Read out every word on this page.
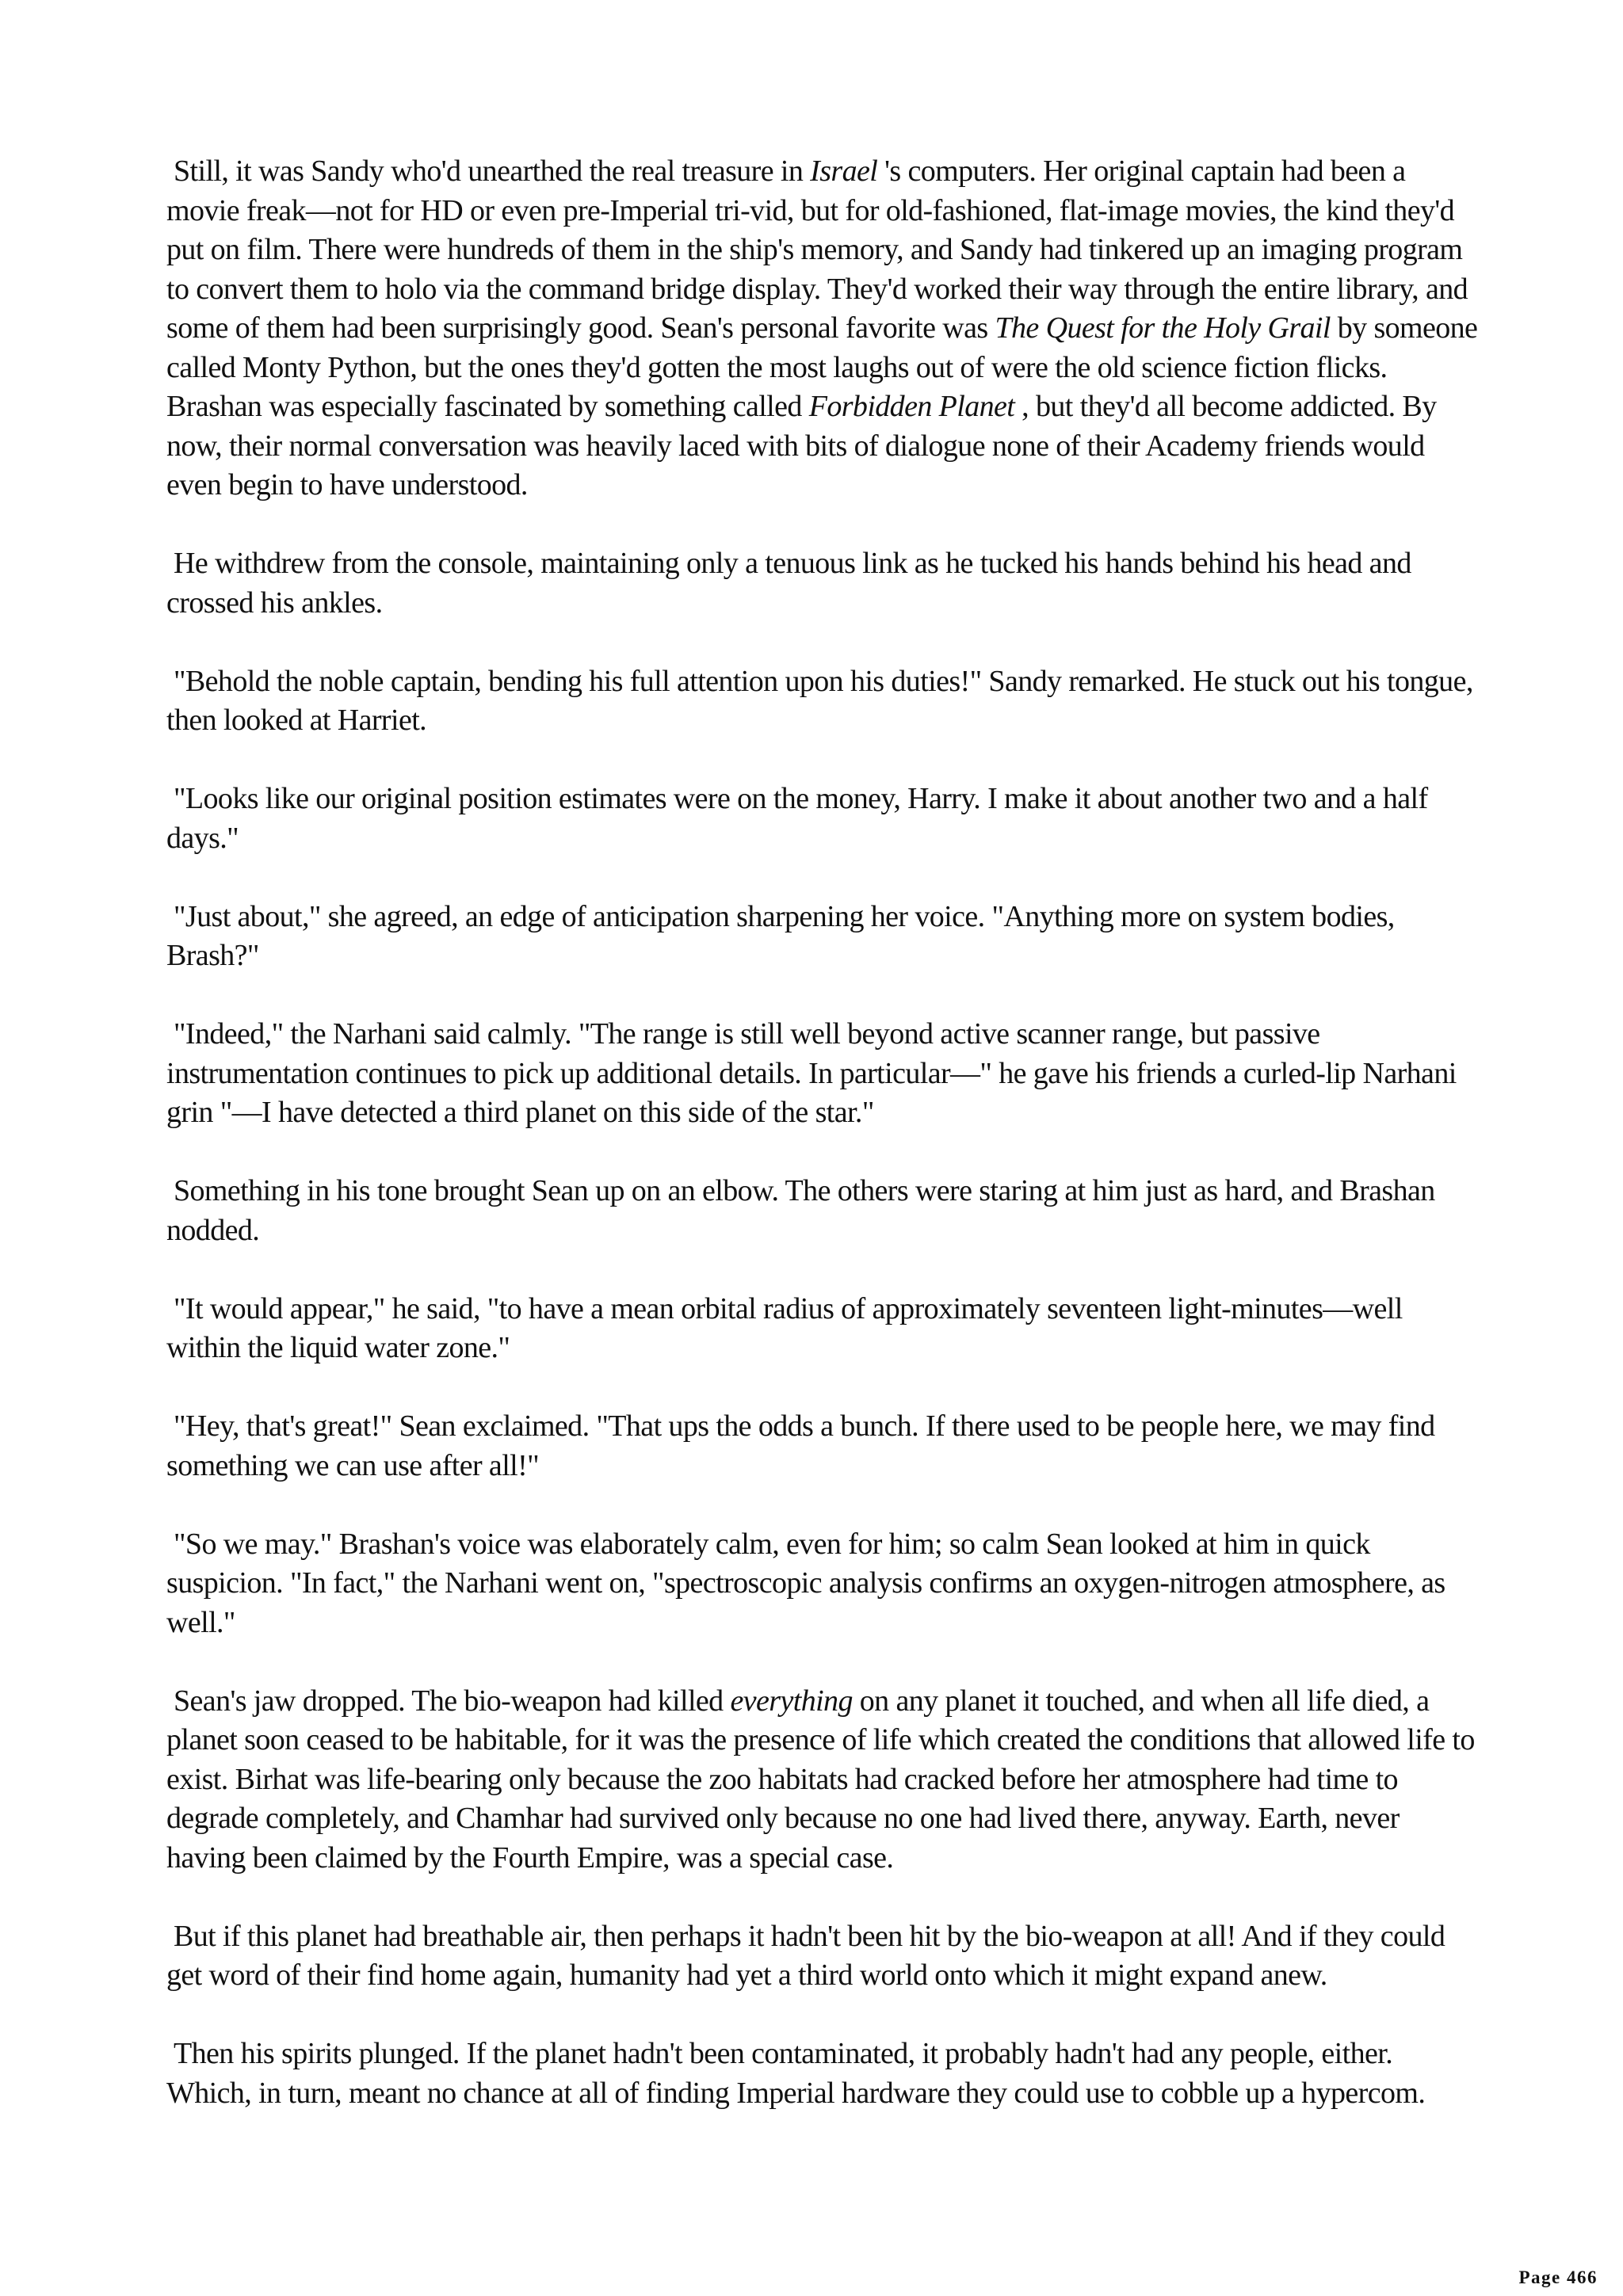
Still, it was Sandy who'd unearthed the real treasure in Israel 's computers. Her original captain had been a movie freak—not for HD or even pre-Imperial tri-vid, but for old-fashioned, flat-image movies, the kind they'd put on film. There were hundreds of them in the ship's memory, and Sandy had tinkered up an imaging program to convert them to holo via the command bridge display. They'd worked their way through the entire library, and some of them had been surprisingly good. Sean's personal favorite was The Quest for the Holy Grail by someone called Monty Python, but the ones they'd gotten the most laughs out of were the old science fiction flicks. Brashan was especially fascinated by something called Forbidden Planet , but they'd all become addicted. By now, their normal conversation was heavily laced with bits of dialogue none of their Academy friends would even begin to have understood.

He withdrew from the console, maintaining only a tenuous link as he tucked his hands behind his head and crossed his ankles.

"Behold the noble captain, bending his full attention upon his duties!" Sandy remarked. He stuck out his tongue, then looked at Harriet.

"Looks like our original position estimates were on the money, Harry. I make it about another two and a half days."

"Just about," she agreed, an edge of anticipation sharpening her voice. "Anything more on system bodies, Brash?"

"Indeed," the Narhani said calmly. "The range is still well beyond active scanner range, but passive instrumentation continues to pick up additional details. In particular—" he gave his friends a curled-lip Narhani grin "—I have detected a third planet on this side of the star."

Something in his tone brought Sean up on an elbow. The others were staring at him just as hard, and Brashan nodded.

"It would appear," he said, "to have a mean orbital radius of approximately seventeen light-minutes—well within the liquid water zone."

"Hey, that's great!" Sean exclaimed. "That ups the odds a bunch. If there used to be people here, we may find something we can use after all!"

"So we may." Brashan's voice was elaborately calm, even for him; so calm Sean looked at him in quick suspicion. "In fact," the Narhani went on, "spectroscopic analysis confirms an oxygen-nitrogen atmosphere, as well."

Sean's jaw dropped. The bio-weapon had killed everything on any planet it touched, and when all life died, a planet soon ceased to be habitable, for it was the presence of life which created the conditions that allowed life to exist. Birhat was life-bearing only because the zoo habitats had cracked before her atmosphere had time to degrade completely, and Chamhar had survived only because no one had lived there, anyway. Earth, never having been claimed by the Fourth Empire, was a special case.

But if this planet had breathable air, then perhaps it hadn't been hit by the bio-weapon at all! And if they could get word of their find home again, humanity had yet a third world onto which it might expand anew.

Then his spirits plunged. If the planet hadn't been contaminated, it probably hadn't had any people, either. Which, in turn, meant no chance at all of finding Imperial hardware they could use to cobble up a hypercom.

Page 466
